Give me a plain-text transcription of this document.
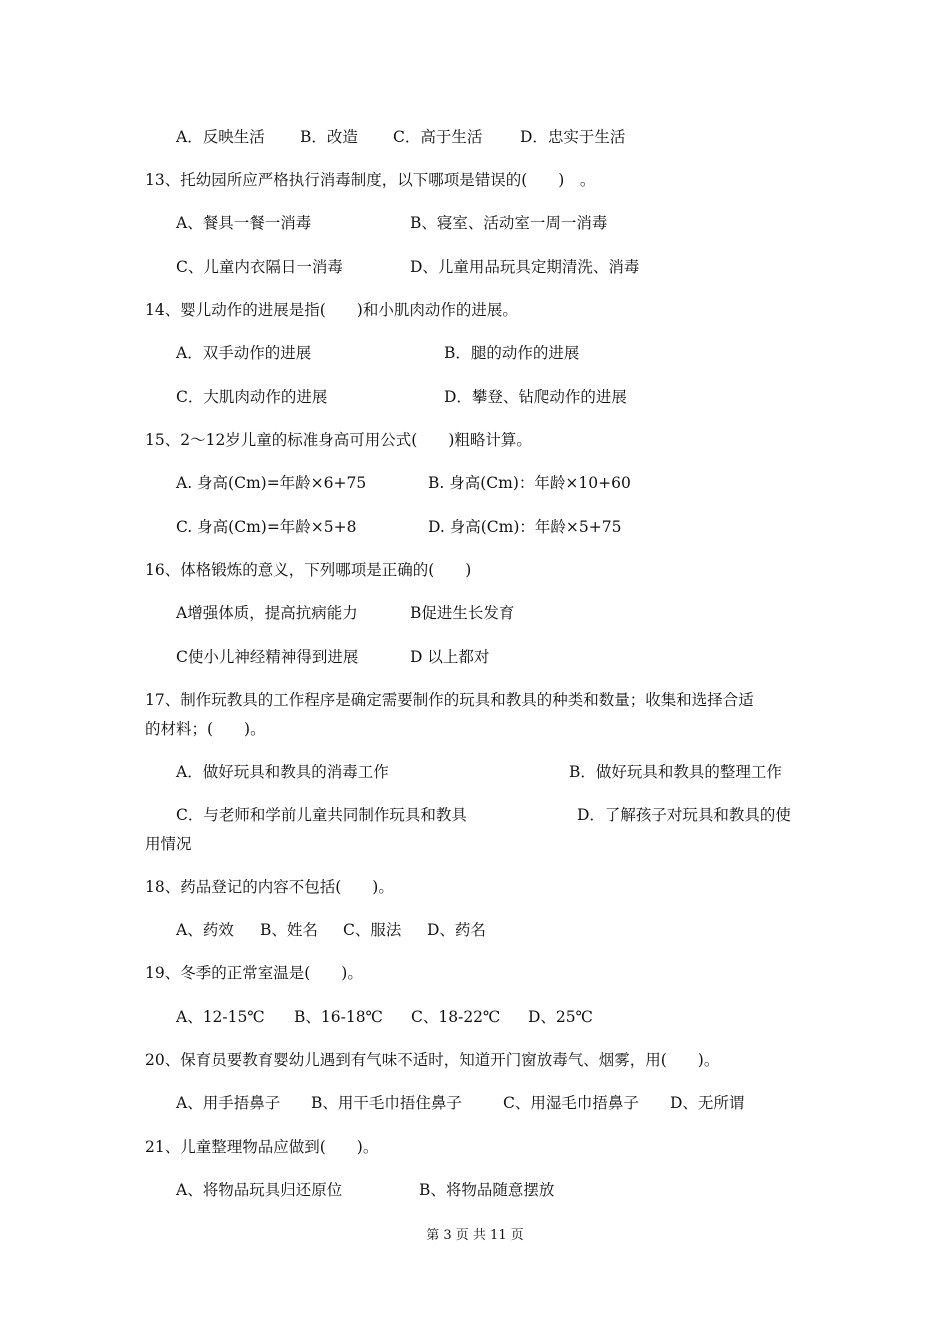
A．反映生活 B．改造 C．高于生活 D．忠实于生活
13、托幼园所应严格执行消毒制度，以下哪项是错误的(　　)　。
A、餐具一餐一消毒	B、寝室、活动室一周一消毒
C、儿童内衣隔日一消毒	D、儿童用品玩具定期清洗、消毒
14、婴儿动作的进展是指(　　)和小肌肉动作的进展。
A．双手动作的进展	B．腿的动作的进展
C．大肌肉动作的进展	D．攀登、钻爬动作的进展
15、2～12岁儿童的标准身高可用公式(　　)粗略计算。
A. 身高(Cm)=年龄×6+75	B. 身高(Cm)：年龄×10+60
C. 身高(Cm)=年龄×5+8	D. 身高(Cm)：年龄×5+75
16、体格锻炼的意义，下列哪项是正确的(　　)
A增强体质，提高抗病能力	B促进生长发育
C使小儿神经精神得到进展	D 以上都对
17、制作玩教具的工作程序是确定需要制作的玩具和教具的种类和数量；收集和选择合适
的材料；(　　)。
A．做好玩具和教具的消毒工作	B．做好玩具和教具的整理工作
C．与老师和学前儿童共同制作玩具和教具	D．了解孩子对玩具和教具的使
用情况
18、药品登记的内容不包括(　　)。
A、药效 B、姓名 C、服法 D、药名
19、冬季的正常室温是(　　)。
A、12-15℃ B、16-18℃ C、18-22℃ D、25℃
20、保育员要教育婴幼儿遇到有气味不适时，知道开门窗放毒气、烟雾，用(　　)。
A、用手捂鼻子 B、用干毛巾捂住鼻子	C、用湿毛巾捂鼻子 D、无所谓
21、儿童整理物品应做到(　　)。
A、将物品玩具归还原位	B、将物品随意摆放
第 3 页 共 11 页
